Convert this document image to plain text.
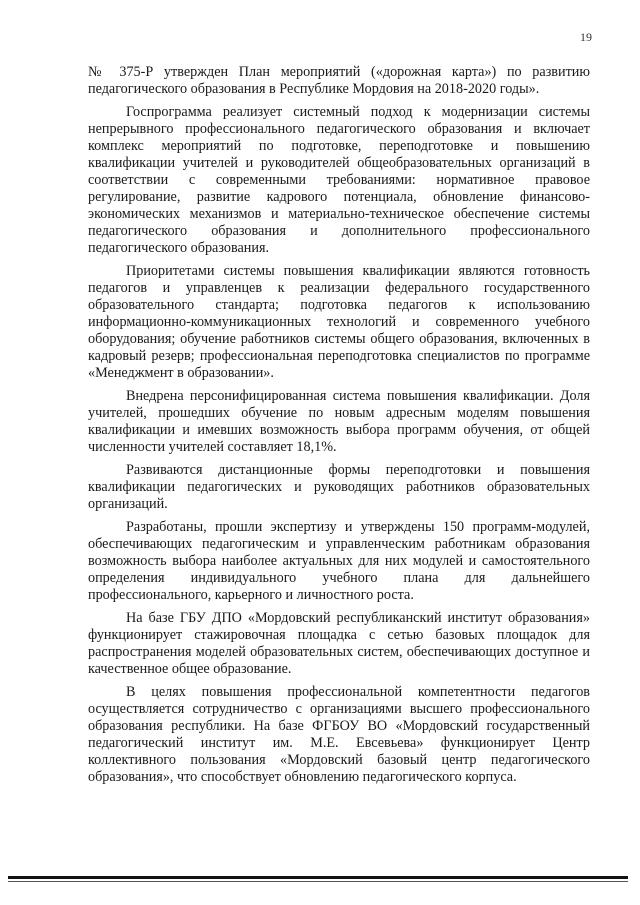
19

№ 375-Р утвержден План мероприятий («дорожная карта») по развитию педагогического образования в Республике Мордовия на 2018-2020 годы».

Госпрограмма реализует системный подход к модернизации системы непрерывного профессионального педагогического образования и включает комплекс мероприятий по подготовке, переподготовке и повышению квалификации учителей и руководителей общеобразовательных организаций в соответствии с современными требованиями: нормативное правовое регулирование, развитие кадрового потенциала, обновление финансово-экономических механизмов и материально-техническое обеспечение системы педагогического образования и дополнительного профессионального педагогического образования.

Приоритетами системы повышения квалификации являются готовность педагогов и управленцев к реализации федерального государственного образовательного стандарта; подготовка педагогов к использованию информационно-коммуникационных технологий и современного учебного оборудования; обучение работников системы общего образования, включенных в кадровый резерв; профессиональная переподготовка специалистов по программе «Менеджмент в образовании».

Внедрена персонифицированная система повышения квалификации. Доля учителей, прошедших обучение по новым адресным моделям повышения квалификации и имевших возможность выбора программ обучения, от общей численности учителей составляет 18,1%.

Развиваются дистанционные формы переподготовки и повышения квалификации педагогических и руководящих работников образовательных организаций.

Разработаны, прошли экспертизу и утверждены 150 программ-модулей, обеспечивающих педагогическим и управленческим работникам образования возможность выбора наиболее актуальных для них модулей и самостоятельного определения индивидуального учебного плана для дальнейшего профессионального, карьерного и личностного роста.

На базе ГБУ ДПО «Мордовский республиканский институт образования» функционирует стажировочная площадка с сетью базовых площадок для распространения моделей образовательных систем, обеспечивающих доступное и качественное общее образование.

В целях повышения профессиональной компетентности педагогов осуществляется сотрудничество с организациями высшего профессионального образования республики. На базе ФГБОУ ВО «Мордовский государственный педагогический институт им. М.Е. Евсевьева» функционирует Центр коллективного пользования «Мордовский базовый центр педагогического образования», что способствует обновлению педагогического корпуса.
